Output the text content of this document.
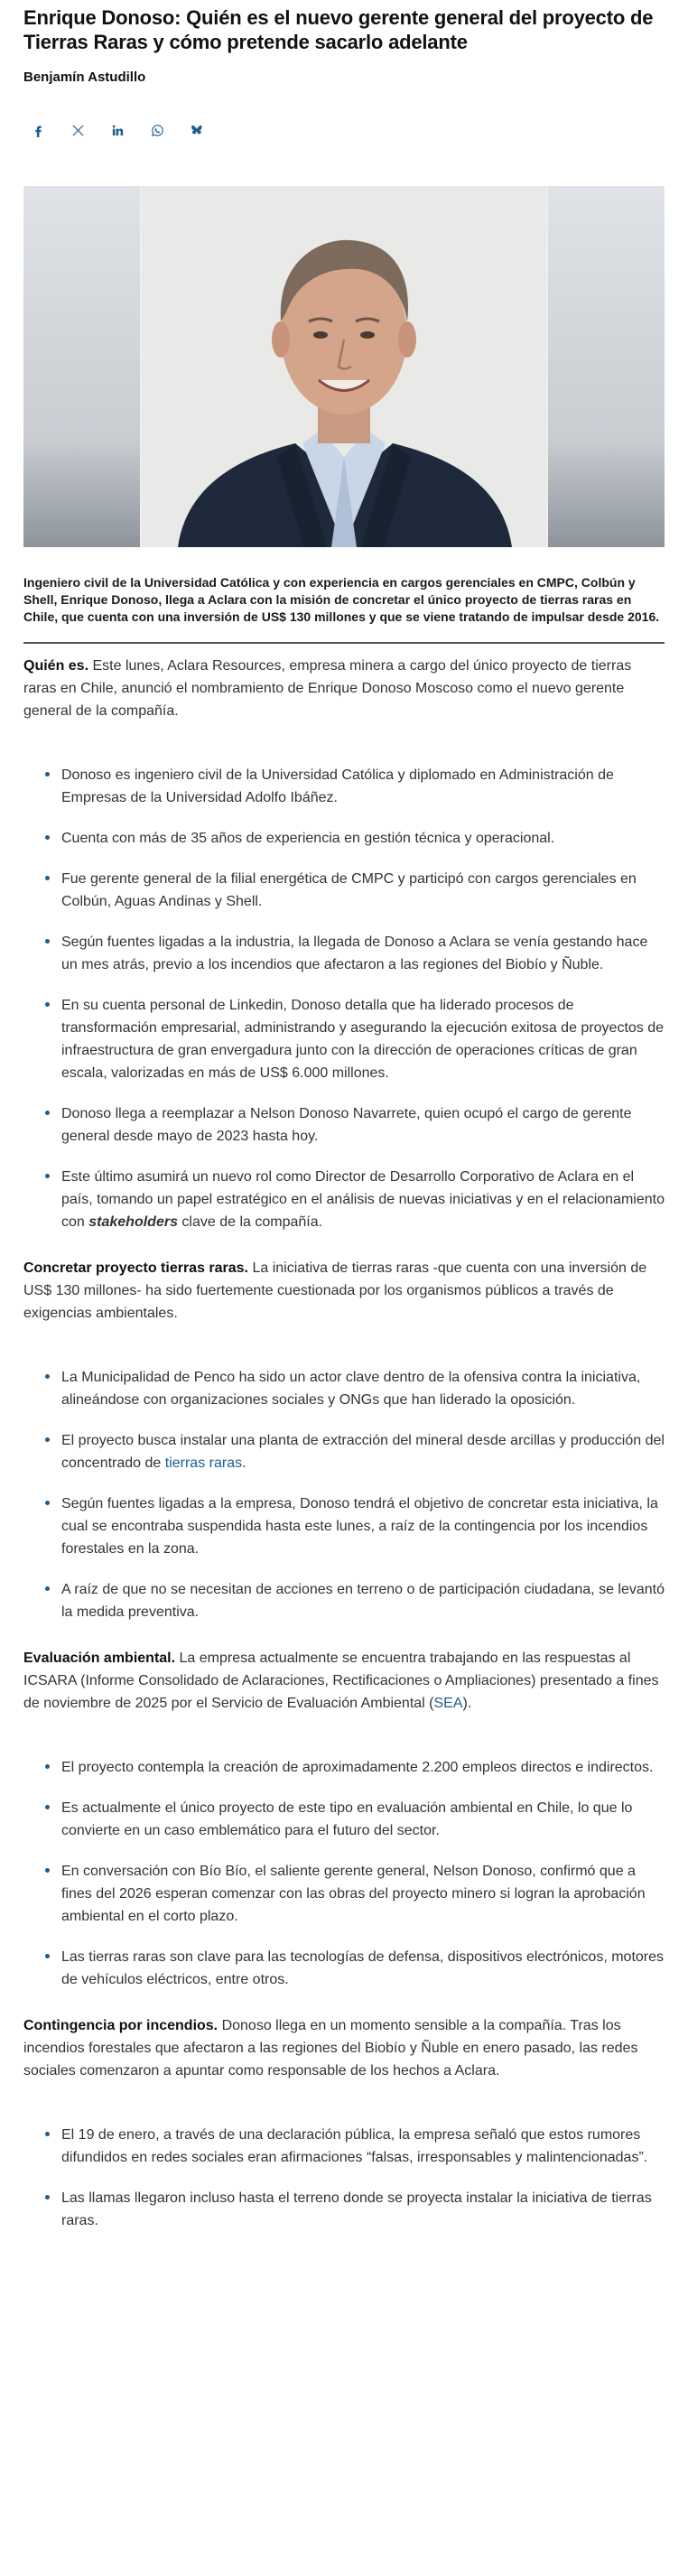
Enrique Donoso: Quién es el nuevo gerente general del proyecto de Tierras Raras y cómo pretende sacarlo adelante
Benjamín Astudillo
Ingeniero civil de la Universidad Católica y con experiencia en cargos gerenciales en CMPC, Colbún y Shell, Enrique Donoso, llega a Aclara con la misión de concretar el único proyecto de tierras raras en Chile, que cuenta con una inversión de US$ 130 millones y que se viene tratando de impulsar desde 2016.

Quién es. Este lunes, Aclara Resources, empresa minera a cargo del único proyecto de tierras raras en Chile, anunció el nombramiento de Enrique Donoso Moscoso como el nuevo gerente general de la compañía.

Donoso es ingeniero civil de la Universidad Católica y diplomado en Administración de Empresas de la Universidad Adolfo Ibáñez.
Cuenta con más de 35 años de experiencia en gestión técnica y operacional.
Fue gerente general de la filial energética de CMPC y participó con cargos gerenciales en Colbún, Aguas Andinas y Shell.
Según fuentes ligadas a la industria, la llegada de Donoso a Aclara se venía gestando hace un mes atrás, previo a los incendios que afectaron a las regiones del Biobío y Ñuble.
En su cuenta personal de Linkedin, Donoso detalla que ha liderado procesos de transformación empresarial, administrando y asegurando la ejecución exitosa de proyectos de infraestructura de gran envergadura junto con la dirección de operaciones críticas de gran escala, valorizadas en más de US$ 6.000 millones.
Donoso llega a reemplazar a Nelson Donoso Navarrete, quien ocupó el cargo de gerente general desde mayo de 2023 hasta hoy.
Este último asumirá un nuevo rol como Director de Desarrollo Corporativo de Aclara en el país, tomando un papel estratégico en el análisis de nuevas iniciativas y en el relacionamiento con stakeholders clave de la compañía.

Concretar proyecto tierras raras. La iniciativa de tierras raras -que cuenta con una inversión de US$ 130 millones- ha sido fuertemente cuestionada por los organismos públicos a través de exigencias ambientales.

La Municipalidad de Penco ha sido un actor clave dentro de la ofensiva contra la iniciativa, alineándose con organizaciones sociales y ONGs que han liderado la oposición.
El proyecto busca instalar una planta de extracción del mineral desde arcillas y producción del concentrado de tierras raras.
Según fuentes ligadas a la empresa, Donoso tendrá el objetivo de concretar esta iniciativa, la cual se encontraba suspendida hasta este lunes, a raíz de la contingencia por los incendios forestales en la zona.
A raíz de que no se necesitan de acciones en terreno o de participación ciudadana, se levantó la medida preventiva.

Evaluación ambiental. La empresa actualmente se encuentra trabajando en las respuestas al ICSARA (Informe Consolidado de Aclaraciones, Rectificaciones o Ampliaciones) presentado a fines de noviembre de 2025 por el Servicio de Evaluación Ambiental (SEA).

El proyecto contempla la creación de aproximadamente 2.200 empleos directos e indirectos.
Es actualmente el único proyecto de este tipo en evaluación ambiental en Chile, lo que lo convierte en un caso emblemático para el futuro del sector.
En conversación con Bío Bío, el saliente gerente general, Nelson Donoso, confirmó que a fines del 2026 esperan comenzar con las obras del proyecto minero si logran la aprobación ambiental en el corto plazo.
Las tierras raras son clave para las tecnologías de defensa, dispositivos electrónicos, motores de vehículos eléctricos, entre otros.

Contingencia por incendios. Donoso llega en un momento sensible a la compañía. Tras los incendios forestales que afectaron a las regiones del Biobío y Ñuble en enero pasado, las redes sociales comenzaron a apuntar como responsable de los hechos a Aclara.

El 19 de enero, a través de una declaración pública, la empresa señaló que estos rumores difundidos en redes sociales eran afirmaciones “falsas, irresponsables y malintencionadas”.
Las llamas llegaron incluso hasta el terreno donde se proyecta instalar la iniciativa de tierras raras.
